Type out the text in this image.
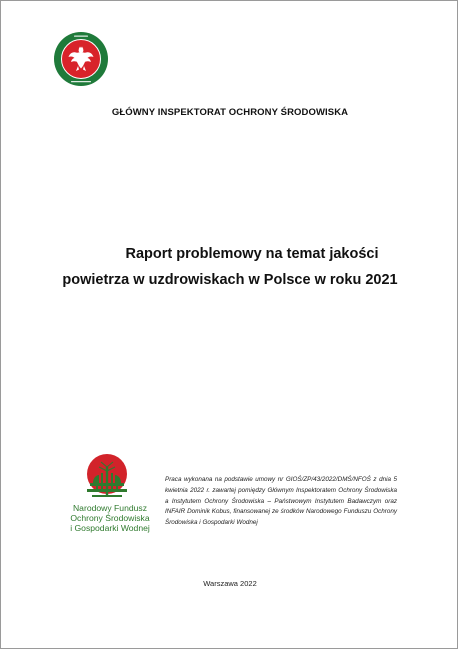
GŁÓWNY INSPEKTORAT OCHRONY ŚRODOWISKA
Raport problemowy na temat jakości
powietrza w uzdrowiskach w Polsce w roku 2021
Narodowy Fundusz
Ochrony Środowiska
i Gospodarki Wodnej
Praca wykonana na podstawie umowy nr GIOŚ/ZP/43/2022/DMŚ/NFOŚ z dnia 5 kwietnia 2022 r. zawartej pomiędzy Głównym Inspektoratem Ochrony Środowiska a Instytutem Ochrony Środowiska – Państwowym Instytutem Badawczym oraz INFAIR Dominik Kobus, finansowanej ze środków Narodowego Funduszu Ochrony Środowiska i Gospodarki Wodnej
Warszawa 2022
